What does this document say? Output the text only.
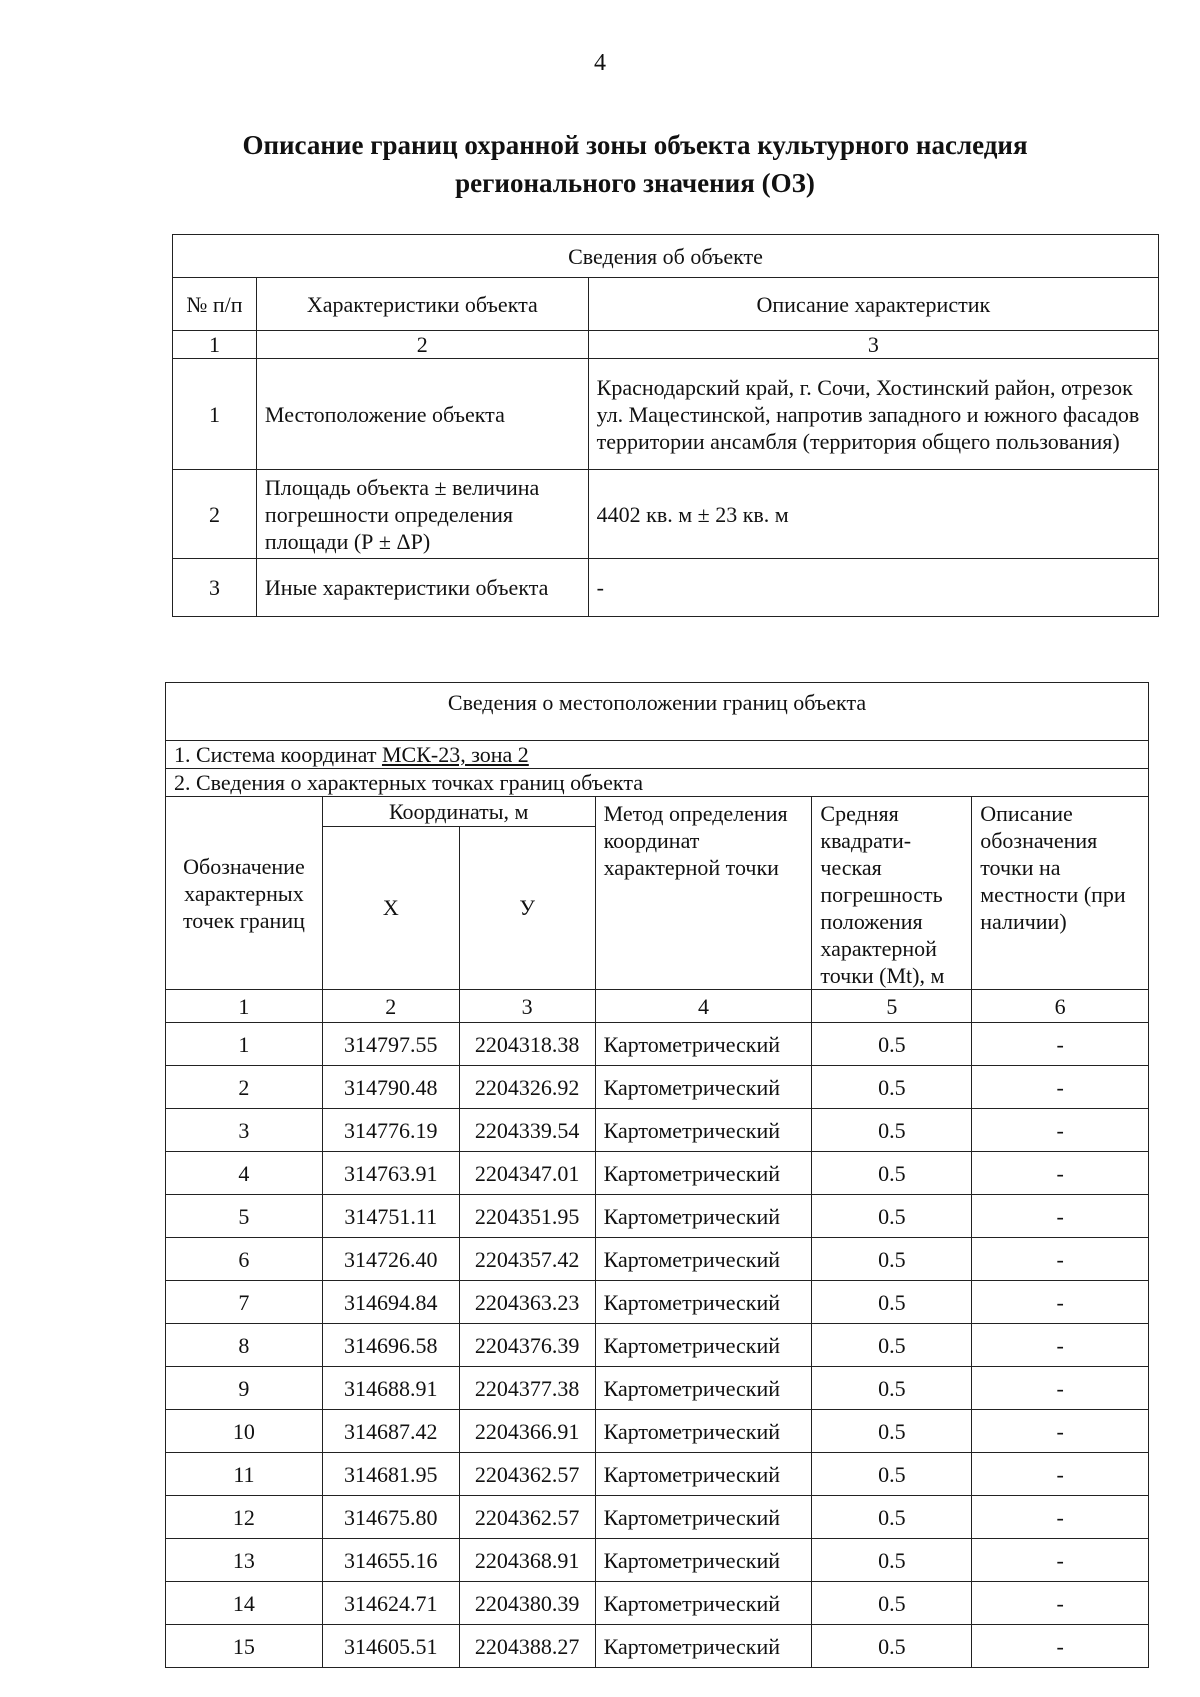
4
Описание границ охранной зоны объекта культурного наследия
регионального значения (ОЗ)
Сведения об объекте		
№ п/п	Характеристики объекта	Описание характеристик
1	2	3
1	Местоположение объекта	Краснодарский край, г. Сочи, Хостинский район, отрезок ул. Мацестинской, напротив западного и южного фасадов территории ансамбля (территория общего пользования)
2	Площадь объекта ± величина погрешности определения площади (Р ± ΔР)	4402 кв. м ± 23 кв. м
3	Иные характеристики объекта	-
Сведения о местоположении границ объекта					
1. Система координат МСК-23, зона 2					
2. Сведения о характерных точках границ объекта					
Обозначение характерных точек границ	Координаты, м		Метод определения координат характерной точки	Средняя квадрати-ческая погрешность положения характерной точки (Mt), м	Описание обозначения точки на местности (при наличии)
	X	У			
1	2	3	4	5	6
1	314797.55	2204318.38	Картометрический	0.5	-
2	314790.48	2204326.92	Картометрический	0.5	-
3	314776.19	2204339.54	Картометрический	0.5	-
4	314763.91	2204347.01	Картометрический	0.5	-
5	314751.11	2204351.95	Картометрический	0.5	-
6	314726.40	2204357.42	Картометрический	0.5	-
7	314694.84	2204363.23	Картометрический	0.5	-
8	314696.58	2204376.39	Картометрический	0.5	-
9	314688.91	2204377.38	Картометрический	0.5	-
10	314687.42	2204366.91	Картометрический	0.5	-
11	314681.95	2204362.57	Картометрический	0.5	-
12	314675.80	2204362.57	Картометрический	0.5	-
13	314655.16	2204368.91	Картометрический	0.5	-
14	314624.71	2204380.39	Картометрический	0.5	-
15	314605.51	2204388.27	Картометрический	0.5	-
